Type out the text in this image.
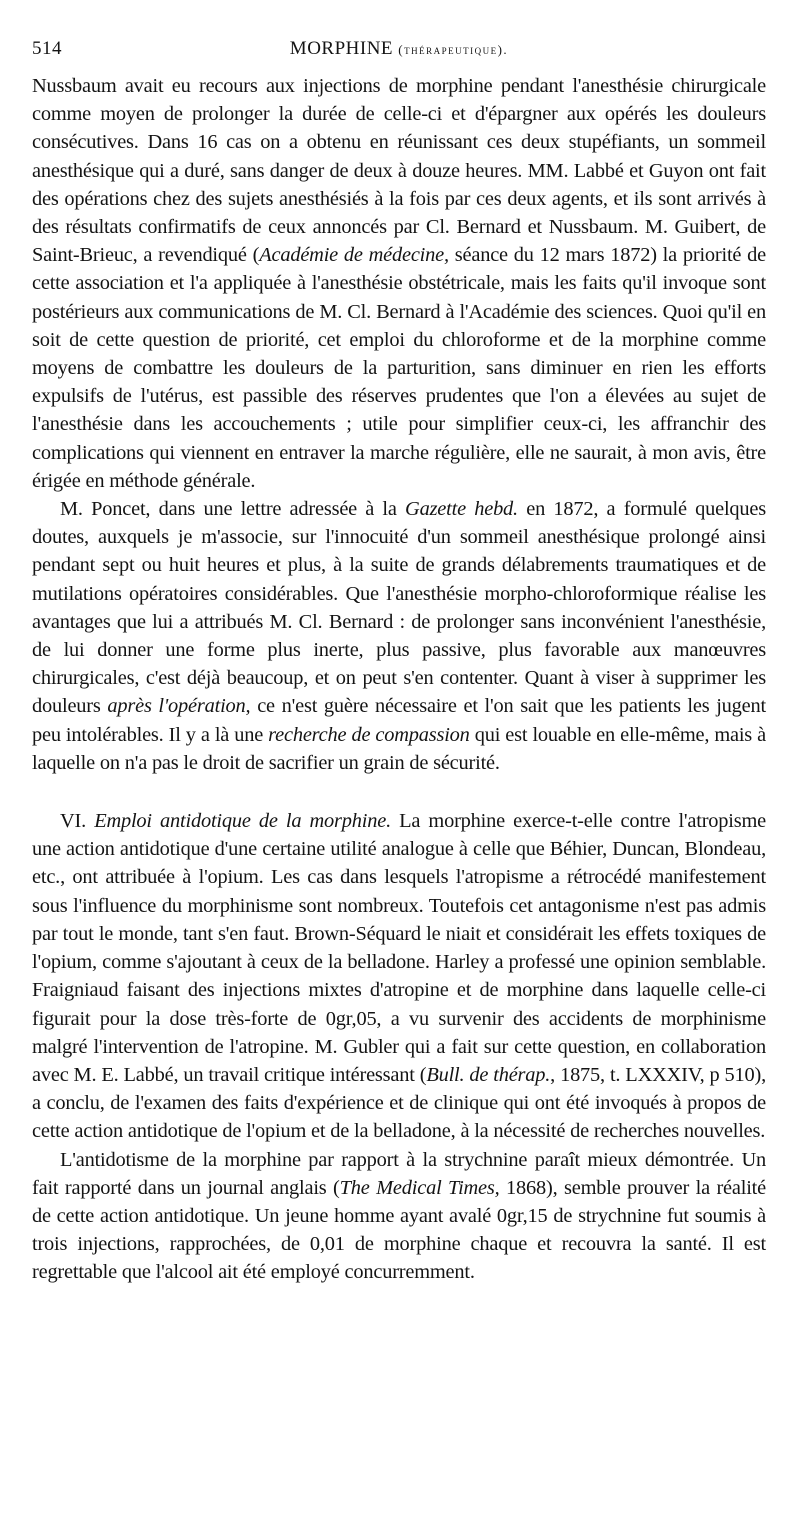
514	MORPHINE (thérapeutique).

Nussbaum avait eu recours aux injections de morphine pendant l'anesthésie chirurgicale comme moyen de prolonger la durée de celle-ci et d'épargner aux opérés les douleurs consécutives. Dans 16 cas on a obtenu en réunissant ces deux stupéfiants, un sommeil anesthésique qui a duré, sans danger de deux à douze heures. MM. Labbé et Guyon ont fait des opérations chez des sujets anesthésiés à la fois par ces deux agents, et ils sont arrivés à des résultats confirmatifs de ceux annoncés par Cl. Bernard et Nussbaum. M. Guibert, de Saint-Brieuc, a revendiqué (Académie de médecine, séance du 12 mars 1872) la priorité de cette association et l'a appliquée à l'anesthésie obstétricale, mais les faits qu'il invoque sont postérieurs aux communications de M. Cl. Bernard à l'Académie des sciences. Quoi qu'il en soit de cette question de priorité, cet emploi du chloroforme et de la morphine comme moyens de combattre les douleurs de la parturition, sans diminuer en rien les efforts expulsifs de l'utérus, est passible des réserves prudentes que l'on a élevées au sujet de l'anesthésie dans les accouchements ; utile pour simplifier ceux-ci, les affranchir des complications qui viennent en entraver la marche régulière, elle ne saurait, à mon avis, être érigée en méthode générale.

M. Poncet, dans une lettre adressée à la Gazette hebd. en 1872, a formulé quelques doutes, auxquels je m'associe, sur l'innocuité d'un sommeil anesthésique prolongé ainsi pendant sept ou huit heures et plus, à la suite de grands délabrements traumatiques et de mutilations opératoires considérables. Que l'anesthésie morpho-chloroformique réalise les avantages que lui a attribués M. Cl. Bernard : de prolonger sans inconvénient l'anesthésie, de lui donner une forme plus inerte, plus passive, plus favorable aux manœuvres chirurgicales, c'est déjà beaucoup, et on peut s'en contenter. Quant à viser à supprimer les douleurs après l'opération, ce n'est guère nécessaire et l'on sait que les patients les jugent peu intolérables. Il y a là une recherche de compassion qui est louable en elle-même, mais à laquelle on n'a pas le droit de sacrifier un grain de sécurité.

VI. Emploi antidotique de la morphine. La morphine exerce-t-elle contre l'atropisme une action antidotique d'une certaine utilité analogue à celle que Béhier, Duncan, Blondeau, etc., ont attribuée à l'opium. Les cas dans lesquels l'atropisme a rétrocédé manifestement sous l'influence du morphinisme sont nombreux. Toutefois cet antagonisme n'est pas admis par tout le monde, tant s'en faut. Brown-Séquard le niait et considérait les effets toxiques de l'opium, comme s'ajoutant à ceux de la belladone. Harley a professé une opinion semblable. Fraigniaud faisant des injections mixtes d'atropine et de morphine dans laquelle celle-ci figurait pour la dose très-forte de 0gr,05, a vu survenir des accidents de morphinisme malgré l'intervention de l'atropine. M. Gubler qui a fait sur cette question, en collaboration avec M. E. Labbé, un travail critique intéressant (Bull. de thérap., 1875, t. LXXXIV, p 510), a conclu, de l'examen des faits d'expérience et de clinique qui ont été invoqués à propos de cette action antidotique de l'opium et de la belladone, à la nécessité de recherches nouvelles.

L'antidotisme de la morphine par rapport à la strychnine paraît mieux démontrée. Un fait rapporté dans un journal anglais (The Medical Times, 1868), semble prouver la réalité de cette action antidotique. Un jeune homme ayant avalé 0gr,15 de strychnine fut soumis à trois injections, rapprochées, de 0,01 de morphine chaque et recouvra la santé. Il est regrettable que l'alcool ait été employé concurremment.
